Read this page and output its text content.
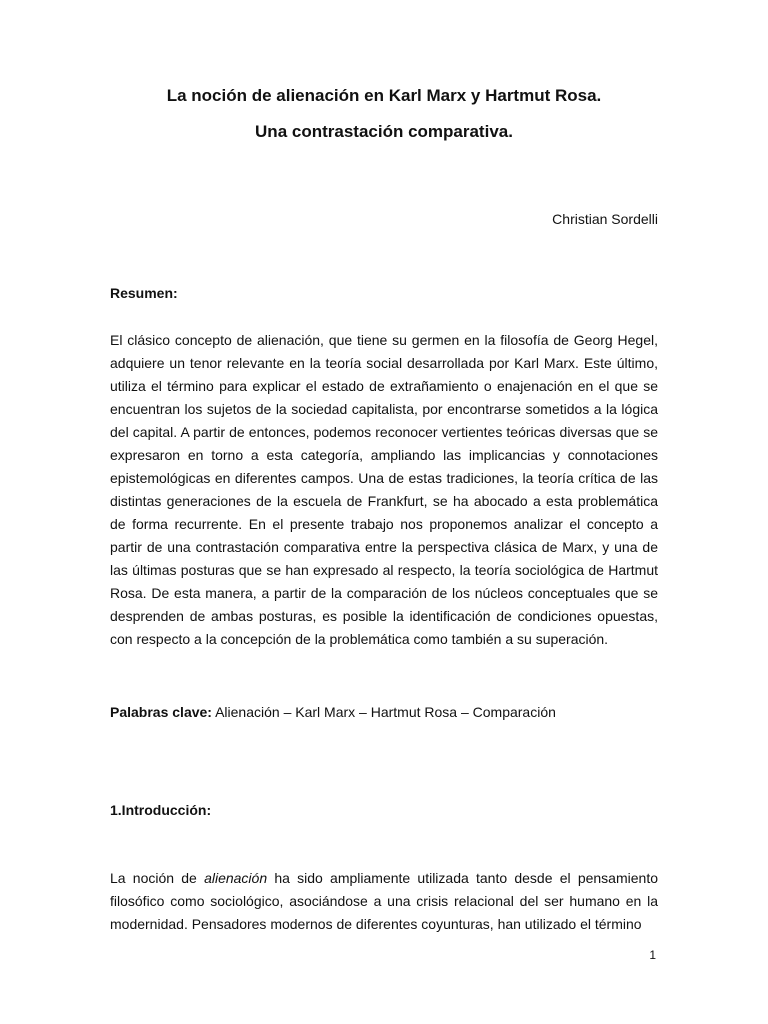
La noción de alienación en Karl Marx y Hartmut Rosa.
Una contrastación comparativa.
Christian Sordelli
Resumen:

El clásico concepto de alienación, que tiene su germen en la filosofía de Georg Hegel, adquiere un tenor relevante en la teoría social desarrollada por Karl Marx. Este último, utiliza el término para explicar el estado de extrañamiento o enajenación en el que se encuentran los sujetos de la sociedad capitalista, por encontrarse sometidos a la lógica del capital. A partir de entonces, podemos reconocer vertientes teóricas diversas que se expresaron en torno a esta categoría, ampliando las implicancias y connotaciones epistemológicas en diferentes campos. Una de estas tradiciones, la teoría crítica de las distintas generaciones de la escuela de Frankfurt, se ha abocado a esta problemática de forma recurrente. En el presente trabajo nos proponemos analizar el concepto a partir de una contrastación comparativa entre la perspectiva clásica de Marx, y una de las últimas posturas que se han expresado al respecto, la teoría sociológica de Hartmut Rosa. De esta manera, a partir de la comparación de los núcleos conceptuales que se desprenden de ambas posturas, es posible la identificación de condiciones opuestas, con respecto a la concepción de la problemática como también a su superación.

Palabras clave: Alienación – Karl Marx – Hartmut Rosa – Comparación
1.Introducción:

La noción de alienación ha sido ampliamente utilizada tanto desde el pensamiento filosófico como sociológico, asociándose a una crisis relacional del ser humano en la modernidad. Pensadores modernos de diferentes coyunturas, han utilizado el término

1
